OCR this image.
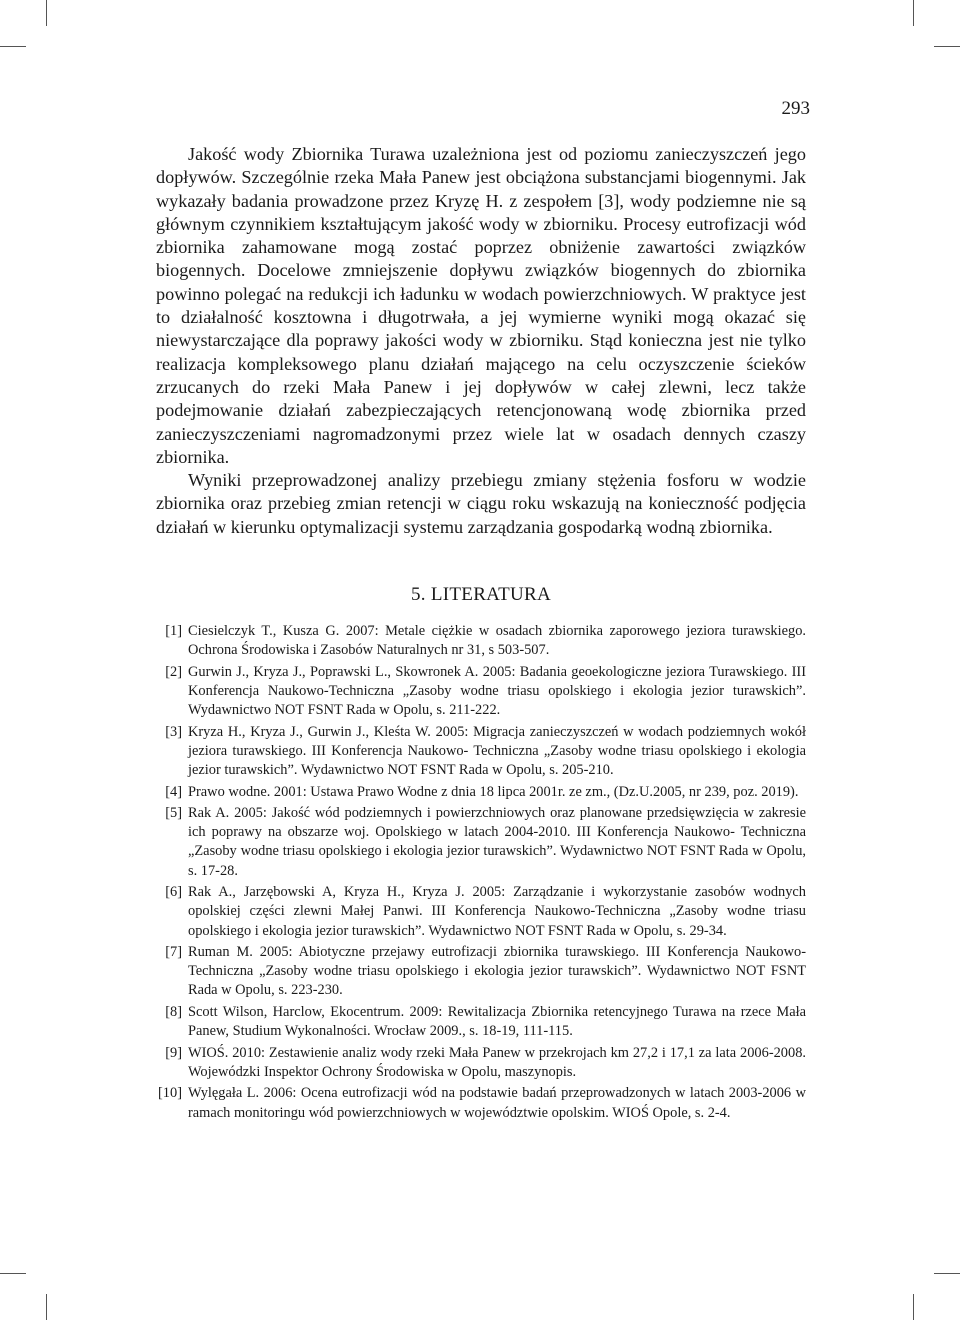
293

Jakość wody Zbiornika Turawa uzależniona jest od poziomu zanieczyszczeń jego dopływów. Szczególnie rzeka Mała Panew jest obciążona substancjami biogennymi. Jak wykazały badania prowadzone przez Kryzę H. z zespołem [3], wody podziemne nie są głównym czynnikiem kształtującym jakość wody w zbiorniku. Procesy eutrofizacji wód zbiornika zahamowane mogą zostać poprzez obniżenie zawartości związków biogennych. Docelowe zmniejszenie dopływu związków biogennych do zbiornika powinno polegać na redukcji ich ładunku w wodach powierzchniowych. W praktyce jest to działalność kosztowna i długotrwała, a jej wymierne wyniki mogą okazać się niewystarczające dla poprawy jakości wody w zbiorniku. Stąd konieczna jest nie tylko realizacja kompleksowego planu działań mającego na celu oczyszczenie ścieków zrzucanych do rzeki Mała Panew i jej dopływów w całej zlewni, lecz także podejmowanie działań zabezpieczających retencjonowaną wodę zbiornika przed zanieczyszczeniami nagromadzonymi przez wiele lat w osadach dennych czaszy zbiornika.

Wyniki przeprowadzonej analizy przebiegu zmiany stężenia fosforu w wodzie zbiornika oraz przebieg zmian retencji w ciągu roku wskazują na konieczność podjęcia działań w kierunku optymalizacji systemu zarządzania gospodarką wodną zbiornika.

5. LITERATURA
[1] Ciesielczyk T., Kusza G. 2007: Metale ciężkie w osadach zbiornika zaporowego jeziora turawskiego. Ochrona Środowiska i Zasobów Naturalnych nr 31, s 503-507.
[2] Gurwin J., Kryza J., Poprawski L., Skowronek A. 2005: Badania geoekologiczne jeziora Turawskiego. III Konferencja Naukowo-Techniczna „Zasoby wodne triasu opolskiego i ekologia jezior turawskich”. Wydawnictwo NOT FSNT Rada w Opolu, s. 211-222.
[3] Kryza H., Kryza J., Gurwin J., Kleśta W. 2005: Migracja zanieczyszczeń w wodach podziemnych wokół jeziora turawskiego. III Konferencja Naukowo- Techniczna „Zasoby wodne triasu opolskiego i ekologia jezior turawskich”. Wydawnictwo NOT FSNT Rada w Opolu, s. 205-210.
[4] Prawo wodne. 2001: Ustawa Prawo Wodne z dnia 18 lipca 2001r. ze zm., (Dz.U.2005, nr 239, poz. 2019).
[5] Rak A. 2005: Jakość wód podziemnych i powierzchniowych oraz planowane przedsięwzięcia w zakresie ich poprawy na obszarze woj. Opolskiego w latach 2004-2010. III Konferencja Naukowo- Techniczna „Zasoby wodne triasu opolskiego i ekologia jezior turawskich”. Wydawnictwo NOT FSNT Rada w Opolu, s. 17-28.
[6] Rak A., Jarzębowski A, Kryza H., Kryza J. 2005: Zarządzanie i wykorzystanie zasobów wodnych opolskiej części zlewni Małej Panwi. III Konferencja Naukowo-Techniczna „Zasoby wodne triasu opolskiego i ekologia jezior turawskich”. Wydawnictwo NOT FSNT Rada w Opolu, s. 29-34.
[7] Ruman M. 2005: Abiotyczne przejawy eutrofizacji zbiornika turawskiego. III Konferencja Naukowo-Techniczna „Zasoby wodne triasu opolskiego i ekologia jezior turawskich”. Wydawnictwo NOT FSNT Rada w Opolu, s. 223-230.
[8] Scott Wilson, Harclow, Ekocentrum. 2009: Rewitalizacja Zbiornika retencyjnego Turawa na rzece Mała Panew, Studium Wykonalności. Wrocław 2009., s. 18-19, 111-115.
[9] WIOŚ. 2010: Zestawienie analiz wody rzeki Mała Panew w przekrojach km 27,2 i 17,1 za lata 2006-2008. Wojewódzki Inspektor Ochrony Środowiska w Opolu, maszynopis.
[10] Wylęgała L. 2006: Ocena eutrofizacji wód na podstawie badań przeprowadzonych w latach 2003-2006 w ramach monitoringu wód powierzchniowych w województwie opolskim. WIOŚ Opole, s. 2-4.
